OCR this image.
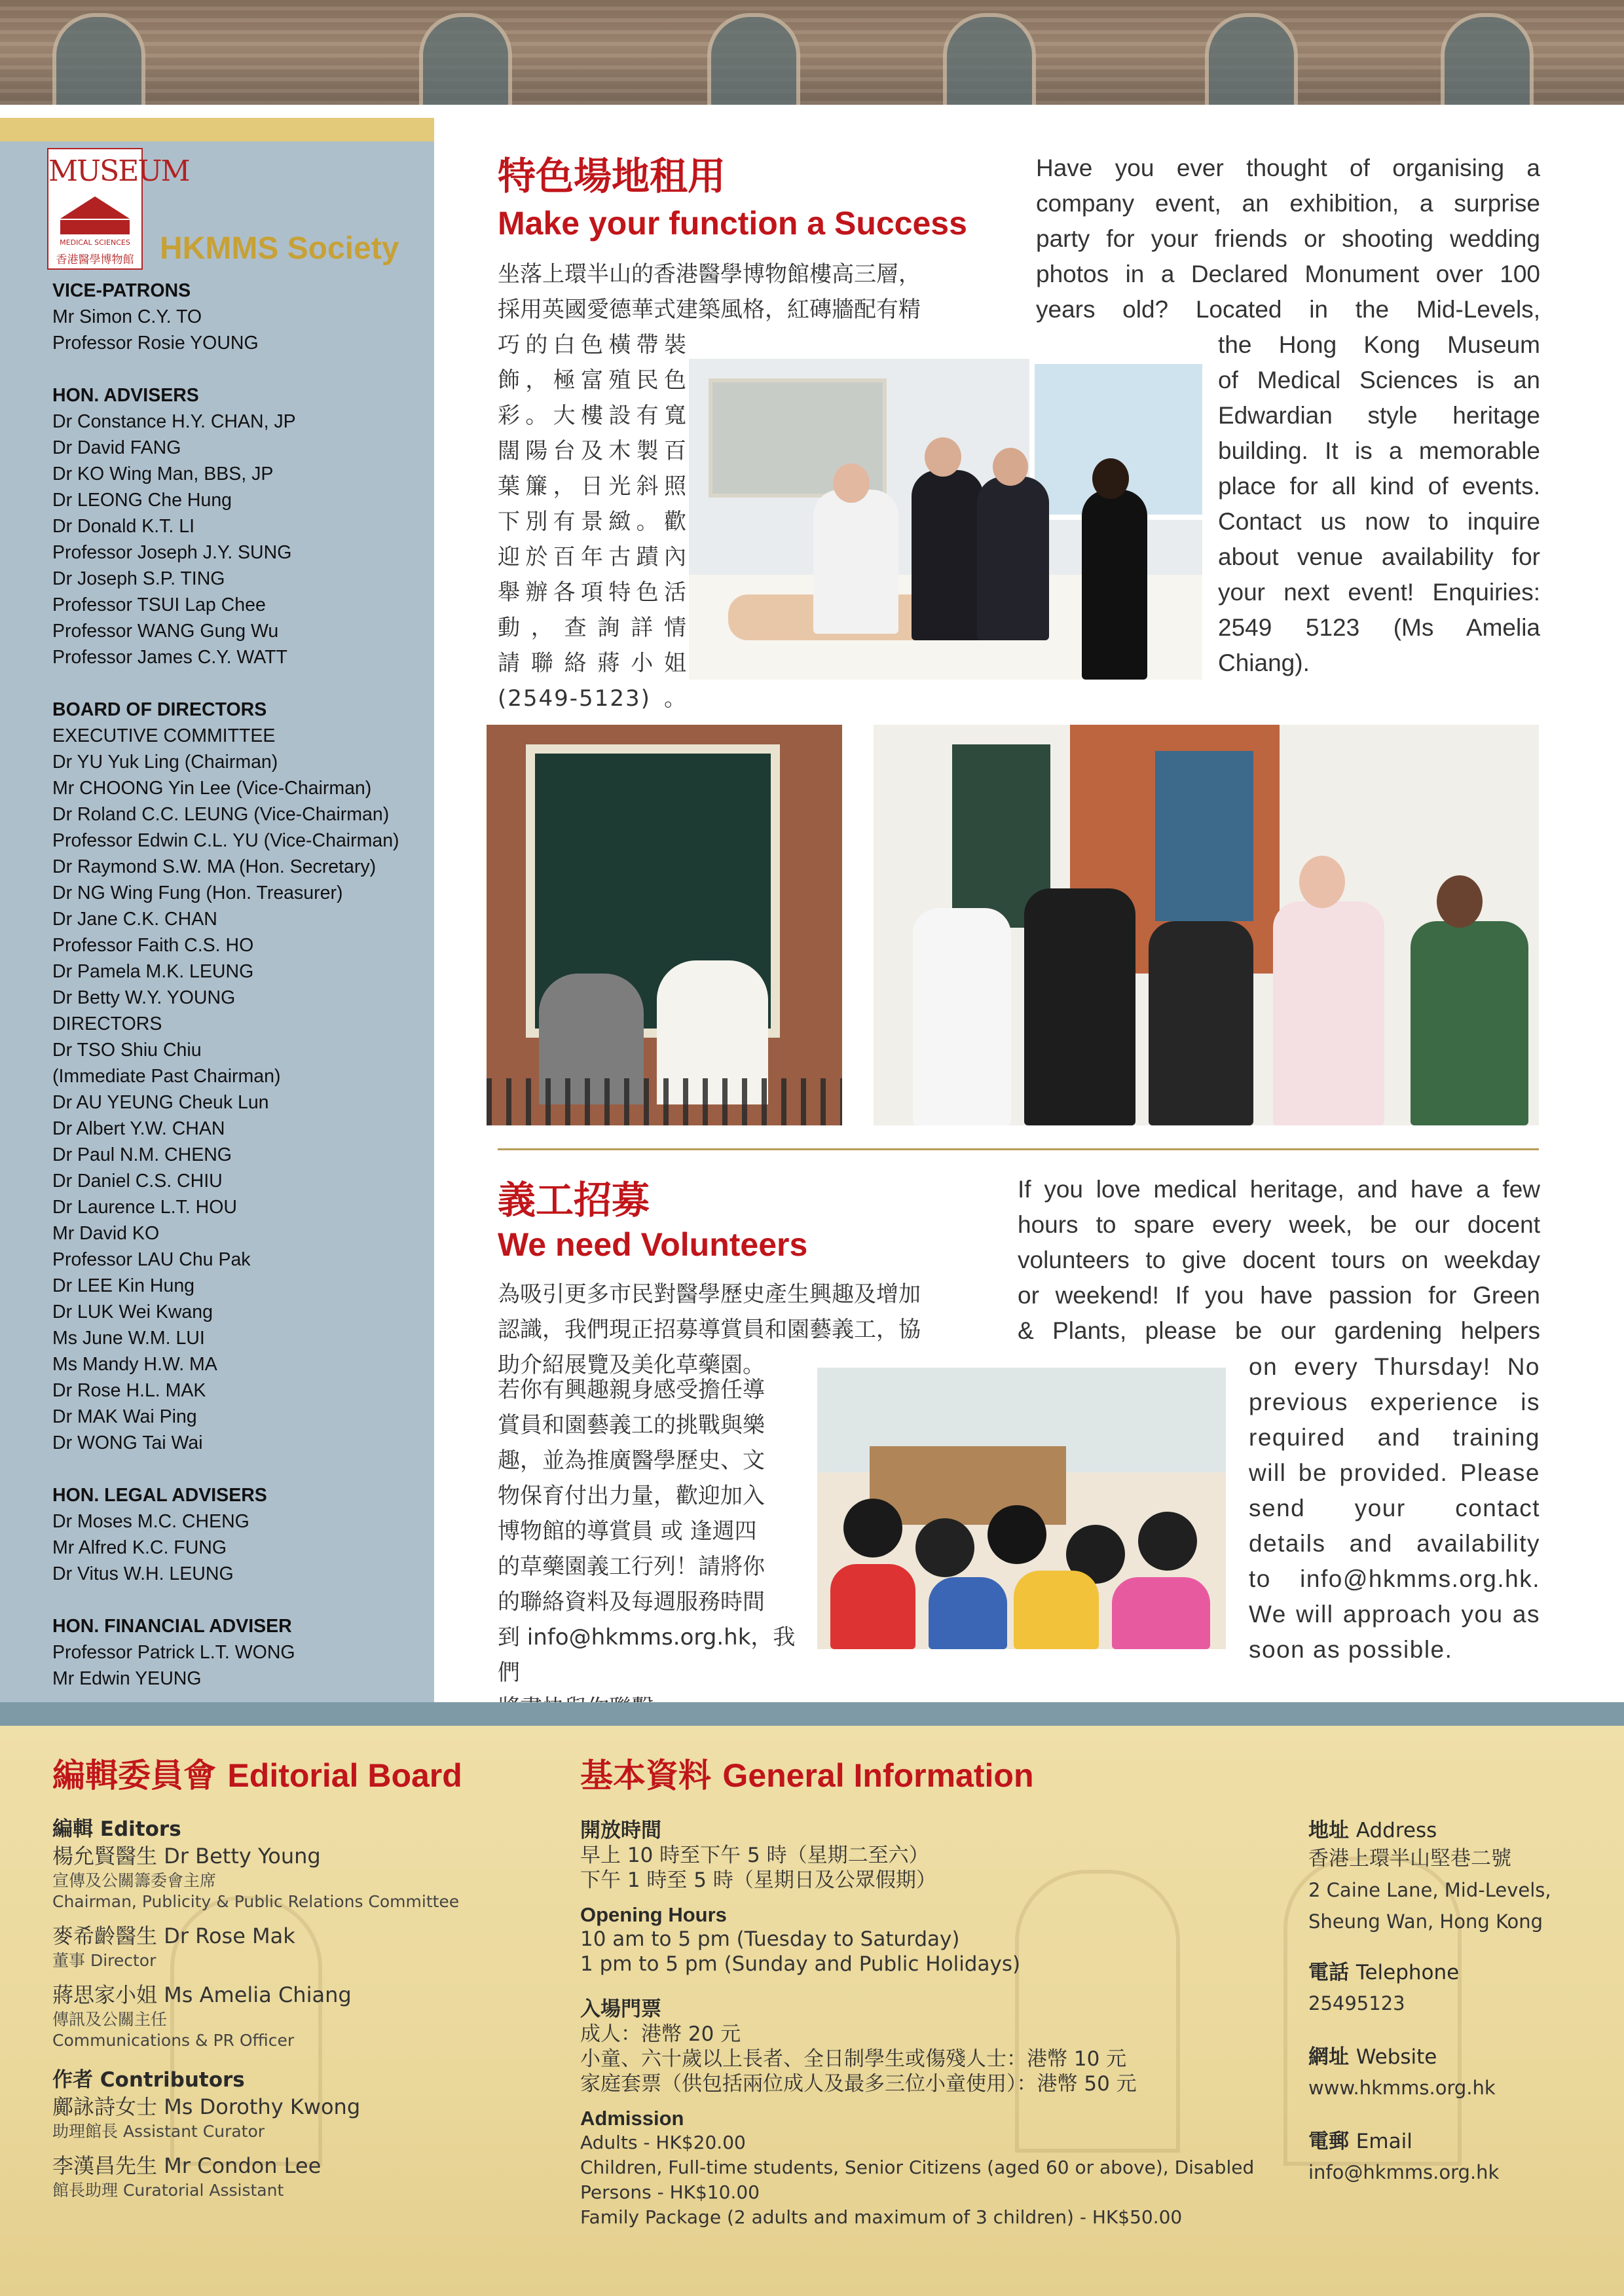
MUSEUM
MEDICAL SCIENCES
香港醫學博物館 HKMMS Society
VICE-PATRONS
Mr Simon C.Y. TO
Professor Rosie YOUNG
HON. ADVISERS
Dr Constance H.Y. CHAN, JP
Dr David FANG
Dr KO Wing Man, BBS, JP
Dr LEONG Che Hung
Dr Donald K.T. LI
Professor Joseph J.Y. SUNG
Dr Joseph S.P. TING
Professor TSUI Lap Chee
Professor WANG Gung Wu
Professor James C.Y. WATT
BOARD OF DIRECTORS
EXECUTIVE COMMITTEE
Dr YU Yuk Ling (Chairman)
Mr CHOONG Yin Lee (Vice-Chairman)
Dr Roland C.C. LEUNG (Vice-Chairman)
Professor Edwin C.L. YU (Vice-Chairman)
Dr Raymond S.W. MA (Hon. Secretary)
Dr NG Wing Fung (Hon. Treasurer)
Dr Jane C.K. CHAN
Professor Faith C.S. HO
Dr Pamela M.K. LEUNG
Dr Betty W.Y. YOUNG
DIRECTORS
Dr TSO Shiu Chiu
(Immediate Past Chairman)
Dr AU YEUNG Cheuk Lun
Dr Albert Y.W. CHAN
Dr Paul N.M. CHENG
Dr Daniel C.S. CHIU
Dr Laurence L.T. HOU
Mr David KO
Professor LAU Chu Pak
Dr LEE Kin Hung
Dr LUK Wei Kwang
Ms June W.M. LUI
Ms Mandy H.W. MA
Dr Rose H.L. MAK
Dr MAK Wai Ping
Dr WONG Tai Wai
HON. LEGAL ADVISERS
Dr Moses M.C. CHENG
Mr Alfred K.C. FUNG
Dr Vitus W.H. LEUNG
HON. FINANCIAL ADVISER
Professor Patrick L.T. WONG
Mr Edwin YEUNG
特色場地租用
Make your function a Success
坐落上環半山的香港醫學博物館樓高三層，
採用英國愛德華式建築風格，紅磚牆配有精
巧的白色橫帶裝
飾，極富殖民色
彩。大樓設有寬
闊陽台及木製百
葉簾，日光斜照
下別有景緻。歡
迎於百年古蹟內
舉辦各項特色活
動，查詢詳情
請聯絡蔣小姐
(2549-5123)。
Have you ever thought of organising a
company event, an exhibition, a surprise
party for your friends or shooting wedding
photos in a Declared Monument over 100
years old? Located in the Mid-Levels,
the Hong Kong Museum
of Medical Sciences is an
Edwardian style heritage
building. It is a memorable
place for all kind of events.
Contact us now to inquire
about venue availability for
your next event! Enquiries:
2549 5123 (Ms Amelia
Chiang).
義工招募
We need Volunteers
為吸引更多市民對醫學歷史產生興趣及增加
認識，我們現正招募導賞員和園藝義工，協
助介紹展覽及美化草藥園。
若你有興趣親身感受擔任導
賞員和園藝義工的挑戰與樂
趣，並為推廣醫學歷史、文
物保育付出力量，歡迎加入
博物館的導賞員 或 逢週四
的草藥園義工行列！請將你
的聯絡資料及每週服務時間
到 info@hkmms.org.hk，我們
If you love medical heritage, and have a few
hours to spare every week, be our docent
volunteers to give docent tours on weekday
or weekend! If you have passion for Green
& Plants, please be our gardening helpers
on every Thursday! No
previous experience is
required and training
will be provided. Please
send your contact
details and availability
to info@hkmms.org.hk.
We will approach you as
soon as possible.
編輯委員會 Editorial Board
編輯 Editors
楊允賢醫生 Dr Betty Young
宣傳及公關籌委會主席
Chairman, Publicity & Public Relations Committee
麥希齡醫生 Dr Rose Mak
董事 Director
蔣思家小姐 Ms Amelia Chiang
傳訊及公關主任
Communications & PR Officer
作者 Contributors
鄺詠詩女士 Ms Dorothy Kwong
助理館長 Assistant Curator
李漢昌先生 Mr Condon Lee
館長助理 Curatorial Assistant
基本資料 General Information
開放時間
早上 10 時至下午 5 時（星期二至六）
下午 1 時至 5 時（星期日及公眾假期）
Opening Hours
10 am to 5 pm (Tuesday to Saturday)
1 pm to 5 pm (Sunday and Public Holidays)
入場門票
成人：港幣 20 元
小童、六十歲以上長者、全日制學生或傷殘人士：港幣 10 元
家庭套票（供包括兩位成人及最多三位小童使用）：港幣 50 元
Admission
Adults - HK$20.00
Children, Full-time students, Senior Citizens (aged 60 or above), Disabled
Persons - HK$10.00
Family Package (2 adults and maximum of 3 children) - HK$50.00
地址 Address
香港上環半山堅巷二號
2 Caine Lane, Mid-Levels,
Sheung Wan, Hong Kong
電話 Telephone
25495123
網址 Website
www.hkmms.org.hk
電郵 Email
info@hkmms.org.hk
